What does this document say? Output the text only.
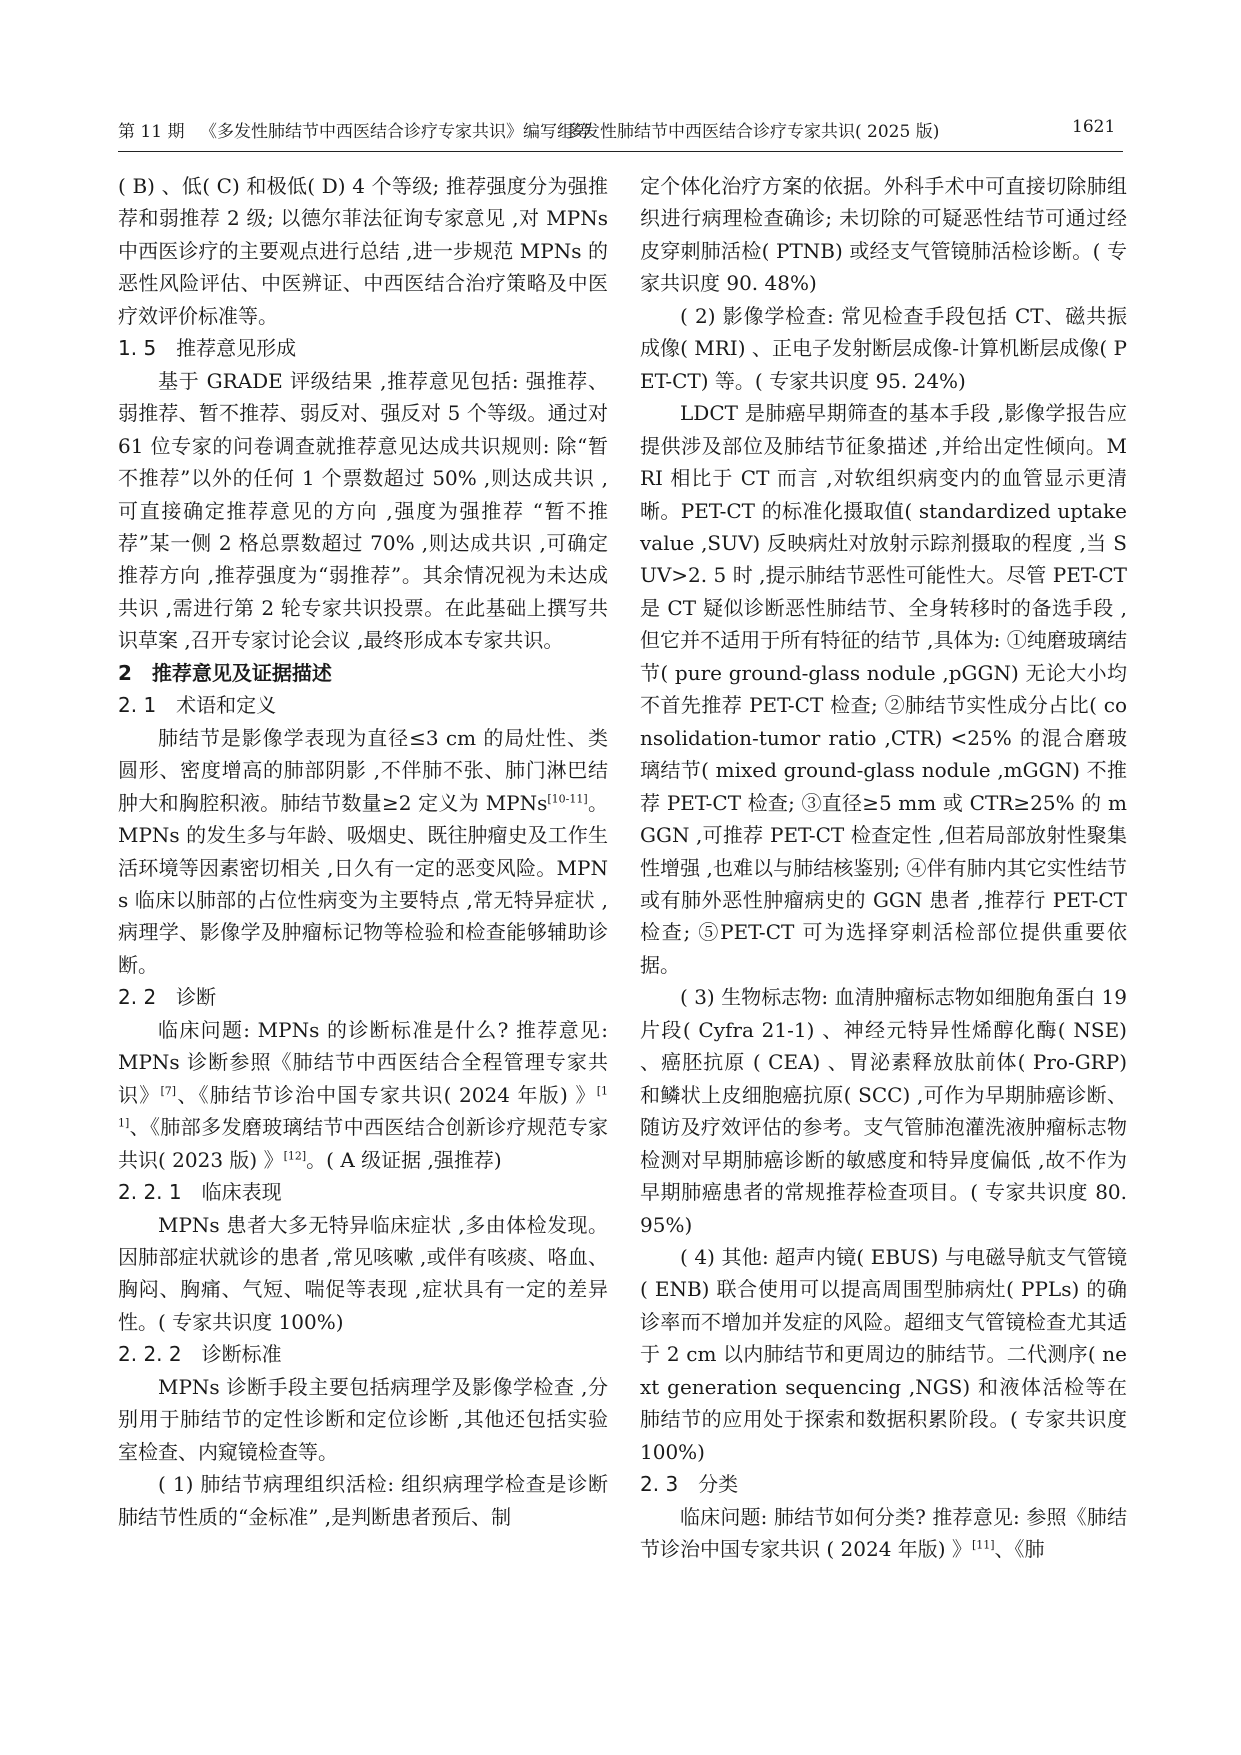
第 11 期 《多发性肺结节中西医结合诊疗专家共识》编写组等
多发性肺结节中西医结合诊疗专家共识( 2025 版)	1621

( B) 、低( C) 和极低( D) 4 个等级; 推荐强度分为强推荐和弱推荐 2 级; 以德尔菲法征询专家意见 ,对 MPNs 中西医诊疗的主要观点进行总结 ,进一步规范 MPNs 的恶性风险评估、中医辨证、中西医结合治疗策略及中医疗效评价标准等。

1. 5　推荐意见形成

基于 GRADE 评级结果 ,推荐意见包括: 强推荐、弱推荐、暂不推荐、弱反对、强反对 5 个等级。通过对 61 位专家的问卷调查就推荐意见达成共识规则: 除“暂不推荐”以外的任何 1 个票数超过 50% ,则达成共识 ,可直接确定推荐意见的方向 ,强度为强推荐 “暂不推荐”某一侧 2 格总票数超过 70% ,则达成共识 ,可确定推荐方向 ,推荐强度为“弱推荐”。其余情况视为未达成共识 ,需进行第 2 轮专家共识投票。在此基础上撰写共识草案 ,召开专家讨论会议 ,最终形成本专家共识。

2　推荐意见及证据描述

2. 1　术语和定义

肺结节是影像学表现为直径≤3 cm 的局灶性、类圆形、密度增高的肺部阴影 ,不伴肺不张、肺门淋巴结肿大和胸腔积液。肺结节数量≥2 定义为 MPNs[10-11]。MPNs 的发生多与年龄、吸烟史、既往肿瘤史及工作生活环境等因素密切相关 ,日久有一定的恶变风险。MPNs 临床以肺部的占位性病变为主要特点 ,常无特异症状 ,病理学、影像学及肿瘤标记物等检验和检查能够辅助诊断。

2. 2　诊断

临床问题: MPNs 的诊断标准是什么? 推荐意见: MPNs 诊断参照《肺结节中西医结合全程管理专家共识》[7]、《肺结节诊治中国专家共识( 2024 年版) 》[11]、《肺部多发磨玻璃结节中西医结合创新诊疗规范专家共识( 2023 版) 》[12]。( A 级证据 ,强推荐)

2. 2. 1　临床表现

MPNs 患者大多无特异临床症状 ,多由体检发现。因肺部症状就诊的患者 ,常见咳嗽 ,或伴有咳痰、咯血、胸闷、胸痛、气短、喘促等表现 ,症状具有一定的差异性。( 专家共识度 100%)

2. 2. 2　诊断标准

MPNs 诊断手段主要包括病理学及影像学检查 ,分别用于肺结节的定性诊断和定位诊断 ,其他还包括实验室检查、内窥镜检查等。

( 1) 肺结节病理组织活检: 组织病理学检查是诊断肺结节性质的“金标准” ,是判断患者预后、制

定个体化治疗方案的依据。外科手术中可直接切除肺组织进行病理检查确诊; 未切除的可疑恶性结节可通过经皮穿刺肺活检( PTNB) 或经支气管镜肺活检诊断。( 专家共识度 90. 48%)

( 2) 影像学检查: 常见检查手段包括 CT、磁共振成像( MRI) 、正电子发射断层成像-计算机断层成像( PET-CT) 等。( 专家共识度 95. 24%)

LDCT 是肺癌早期筛查的基本手段 ,影像学报告应提供涉及部位及肺结节征象描述 ,并给出定性倾向。MRI 相比于 CT 而言 ,对软组织病变内的血管显示更清晰。PET-CT 的标准化摄取值( standardized uptake value ,SUV) 反映病灶对放射示踪剂摄取的程度 ,当 SUV>2. 5 时 ,提示肺结节恶性可能性大。尽管 PET-CT 是 CT 疑似诊断恶性肺结节、全身转移时的备选手段 ,但它并不适用于所有特征的结节 ,具体为: ①纯磨玻璃结节( pure ground-glass nodule ,pGGN) 无论大小均不首先推荐 PET-CT 检查; ②肺结节实性成分占比( consolidation-tumor ratio ,CTR) <25% 的混合磨玻璃结节( mixed ground-glass nodule ,mGGN) 不推荐 PET-CT 检查; ③直径≥5 mm 或 CTR≥25% 的 mGGN ,可推荐 PET-CT 检查定性 ,但若局部放射性聚集性增强 ,也难以与肺结核鉴别; ④伴有肺内其它实性结节或有肺外恶性肿瘤病史的 GGN 患者 ,推荐行 PET-CT 检查; ⑤PET-CT 可为选择穿刺活检部位提供重要依据。

( 3) 生物标志物: 血清肿瘤标志物如细胞角蛋白 19 片段( Cyfra 21-1) 、神经元特异性烯醇化酶( NSE) 、癌胚抗原 ( CEA) 、胃泌素释放肽前体( Pro-GRP) 和鳞状上皮细胞癌抗原( SCC) ,可作为早期肺癌诊断、随访及疗效评估的参考。支气管肺泡灌洗液肿瘤标志物检测对早期肺癌诊断的敏感度和特异度偏低 ,故不作为早期肺癌患者的常规推荐检查项目。( 专家共识度 80. 95%)

( 4) 其他: 超声内镜( EBUS) 与电磁导航支气管镜( ENB) 联合使用可以提高周围型肺病灶( PPLs) 的确诊率而不增加并发症的风险。超细支气管镜检查尤其适于 2 cm 以内肺结节和更周边的肺结节。二代测序( next generation sequencing ,NGS) 和液体活检等在肺结节的应用处于探索和数据积累阶段。( 专家共识度 100%)

2. 3　分类

临床问题: 肺结节如何分类? 推荐意见: 参照《肺结节诊治中国专家共识 ( 2024 年版) 》[11]、《肺
